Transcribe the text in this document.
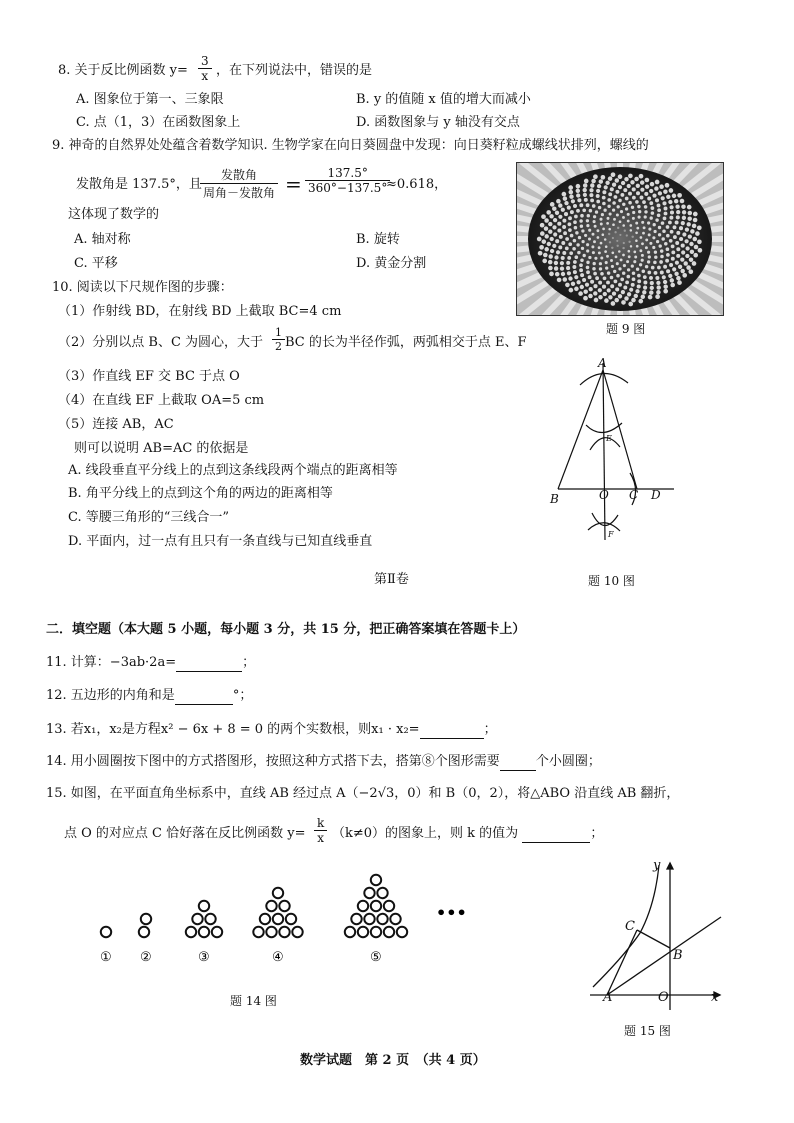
8. 关于反比例函数 $y= \frac{3}{x}$ ，在下列说法中，错误的是
A. 图象位于第一、三象限	B. y 的值随 x 值的增大而减小
C. 点（1，3）在函数图象上	D. 函数图象与 y 轴没有交点
9. 神奇的自然界处处蕴含着数学知识. 生物学家在向日葵圆盘中发现：向日葵籽粒成螺线状排列，螺线的
发散角是 137.5°，且
发散角
周角－发散角 = $\frac{137.5^\circ}{360^\circ-137.5^\circ}$
≈0.618，
这体现了数学的
A. 轴对称	B. 旋转
C. 平移	D. 黄金分割
题 9 图
10. 阅读以下尺规作图的步骤：
（1）作射线 BD，在射线 BD 上截取 BC=4 cm
（2）分别以点 B、C 为圆心，大于 $\frac{1}{2}$ BC 的长为半径作弧，两弧相交于点 E、F
（3）作直线 EF 交 BC 于点 O
（4）在直线 EF 上截取 OA=5 cm
（5）连接 AB，AC
则可以说明 AB=AC 的依据是
A. 线段垂直平分线上的点到这条线段两个端点的距离相等
B. 角平分线上的点到这个角的两边的距离相等
C. 等腰三角形的“三线合一”
D. 平面内，过一点有且只有一条直线与已知直线垂直
A
E
B	O C D
F
第Ⅱ卷	题 10 图
二．填空题（本大题 5 小题，每小题 3 分，共 15 分，把正确答案填在答题卡上）
11. 计算：−3ab·2a=	；
12. 五边形的内角和是	°；
13. 若x₁，x₂是方程x² − 6x + 8 = 0 的两个实数根，则x₁ · x₂=	；
14. 用小圆圈按下图中的方式搭图形，按照这种方式搭下去，搭第⑧个图形需要	个小圆圈；
15. 如图，在平面直角坐标系中，直线 AB 经过点 A（−2√3，0）和 B（0，2），将△ABO 沿直线 AB 翻折，
点 O 的对应点 C 恰好落在反比例函数 $y= \frac{k}{x} (k\ne 0)$的图象上，则 k 的值为	；
① ②	③	④	⑤
•••
题 14 图
y
x
A	O
B
C
题 15 图
数学试题　第 2 页　（共 4 页）
